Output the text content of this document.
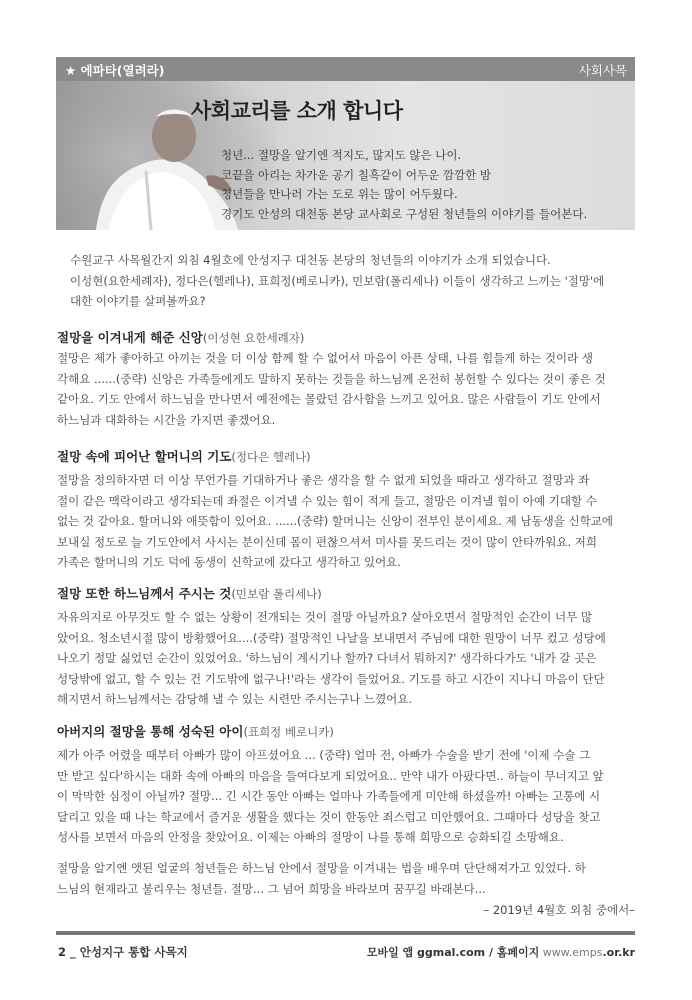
★ 에파타(열려라)	사회사목
사회교리를 소개 합니다
청년... 절망을 알기엔 적지도, 많지도 않은 나이.
코끝을 아리는 차가운 공기 칠흑같이 어두운 깜깜한 밤
청년들을 만나러 가는 도로 위는 많이 어두웠다.
경기도 안성의 대천동 본당 교사회로 구성된 청년들의 이야기를 들어본다.
수원교구 사목월간지 외침 4월호에 안성지구 대천동 본당의 청년들의 이야기가 소개 되었습니다.
이성현(요한세례자), 정다은(헬레나), 표희정(베로니카), 민보람(폴리세나) 이들이 생각하고 느끼는 '절망'에
대한 이야기를 살펴볼까요?
절망을 이겨내게 해준 신앙(이성현 요한세례자)
절망은 제가 좋아하고 아끼는 것을 더 이상 함께 할 수 없어서 마음이 아픈 상태, 나를 힘들게 하는 것이라 생
각해요 ......(중략) 신앙은 가족들에게도 말하지 못하는 것들을 하느님께 온전히 봉헌할 수 있다는 것이 좋은 것
같아요. 기도 안에서 하느님을 만나면서 예전에는 몰랐던 감사함을 느끼고 있어요. 많은 사람들이 기도 안에서
하느님과 대화하는 시간을 가지면 좋겠어요.
절망 속에 피어난 할머니의 기도(정다은 헬레나)
절망을 정의하자면 더 이상 무언가를 기대하거나 좋은 생각을 할 수 없게 되었을 때라고 생각하고 절망과 좌
절이 같은 맥락이라고 생각되는데 좌절은 이겨낼 수 있는 힘이 적게 들고, 절망은 이겨낼 힘이 아예 기대할 수
없는 것 같아요. 할머니와 애뜻함이 있어요. ......(중략) 할머니는 신앙이 전부인 분이세요. 제 남동생을 신학교에
보내실 정도로 늘 기도안에서 사시는 분이신데 몸이 편찮으셔서 미사를 못드리는 것이 많이 안타까워요. 저희
가족은 할머니의 기도 덕에 동생이 신학교에 갔다고 생각하고 있어요.
절망 또한 하느님께서 주시는 것(민보람 폴리세나)
자유의지로 아무것도 할 수 없는 상황이 전개되는 것이 절망 아닐까요? 살아오면서 절망적인 순간이 너무 많
았어요. 청소년시절 많이 방황했어요....(중략) 절망적인 나날을 보내면서 주님에 대한 원망이 너무 컸고 성당에
나오기 정말 싫었던 순간이 있었어요. '하느님이 계시기나 할까? 다녀서 뭐하지?' 생각하다가도 '내가 갈 곳은
성당밖에 없고, 할 수 있는 건 기도밖에 없구나!'라는 생각이 들었어요. 기도를 하고 시간이 지나니 마음이 단단
해지면서 하느님께서는 감당해 낼 수 있는 시련만 주시는구나 느꼈어요.
아버지의 절망을 통해 성숙된 아이(표희정 베로니카)
제가 아주 어렸을 때부터 아빠가 많이 아프셨어요 ... (중략) 얼마 전, 아빠가 수술을 받기 전에 '이제 수술 그
만 받고 싶다'하시는 대화 속에 아빠의 마음을 들여다보게 되었어요.. 만약 내가 아팠다면.. 하늘이 무너지고 앞
이 막막한 심정이 아닐까? 절망... 긴 시간 동안 아빠는 얼마나 가족들에게 미안해 하셨을까! 아빠는 고통에 시
달리고 있을 때 나는 학교에서 즐거운 생활을 했다는 것이 한동안 죄스럽고 미안했어요. 그때마다 성당을 찾고
성사를 보면서 마음의 안정을 찾았어요. 이제는 아빠의 절망이 나를 통해 희망으로 승화되길 소망해요.
절망을 알기엔 앳된 얼굴의 청년들은 하느님 안에서 절망을 이겨내는 법을 배우며 단단해져가고 있었다. 하
느님의 현재라고 불리우는 청년들. 절망... 그 넘어 희망을 바라보며 꿈꾸길 바래본다...
– 2019년 4월호 외침 중에서–
2 _ 안성지구 통합 사목지	모바일 앱 ggmal.com / 홈페이지 www.emps.or.kr
